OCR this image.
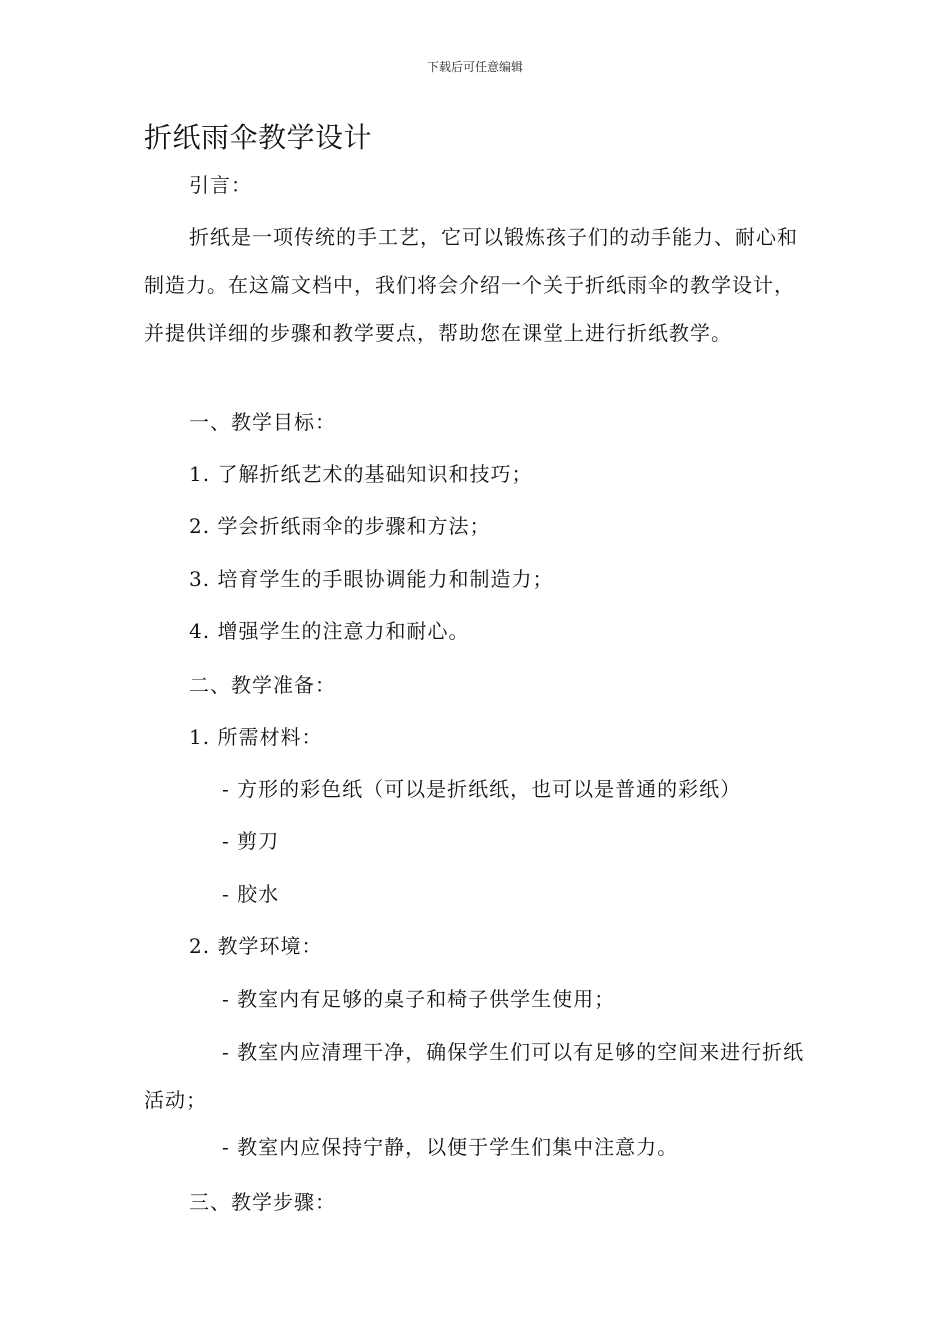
下载后可任意编辑
折纸雨伞教学设计

引言：

折纸是一项传统的手工艺，它可以锻炼孩子们的动手能力、耐心和制造力。在这篇文档中，我们将会介绍一个关于折纸雨伞的教学设计，并提供详细的步骤和教学要点，帮助您在课堂上进行折纸教学。

一、教学目标：

1. 了解折纸艺术的基础知识和技巧；

2. 学会折纸雨伞的步骤和方法；

3. 培育学生的手眼协调能力和制造力；

4. 增强学生的注意力和耐心。

二、教学准备：

1. 所需材料：

- 方形的彩色纸（可以是折纸纸，也可以是普通的彩纸）

- 剪刀

- 胶水

2. 教学环境：

- 教室内有足够的桌子和椅子供学生使用；

- 教室内应清理干净，确保学生们可以有足够的空间来进行折纸活动；

- 教室内应保持宁静，以便于学生们集中注意力。

三、教学步骤：
